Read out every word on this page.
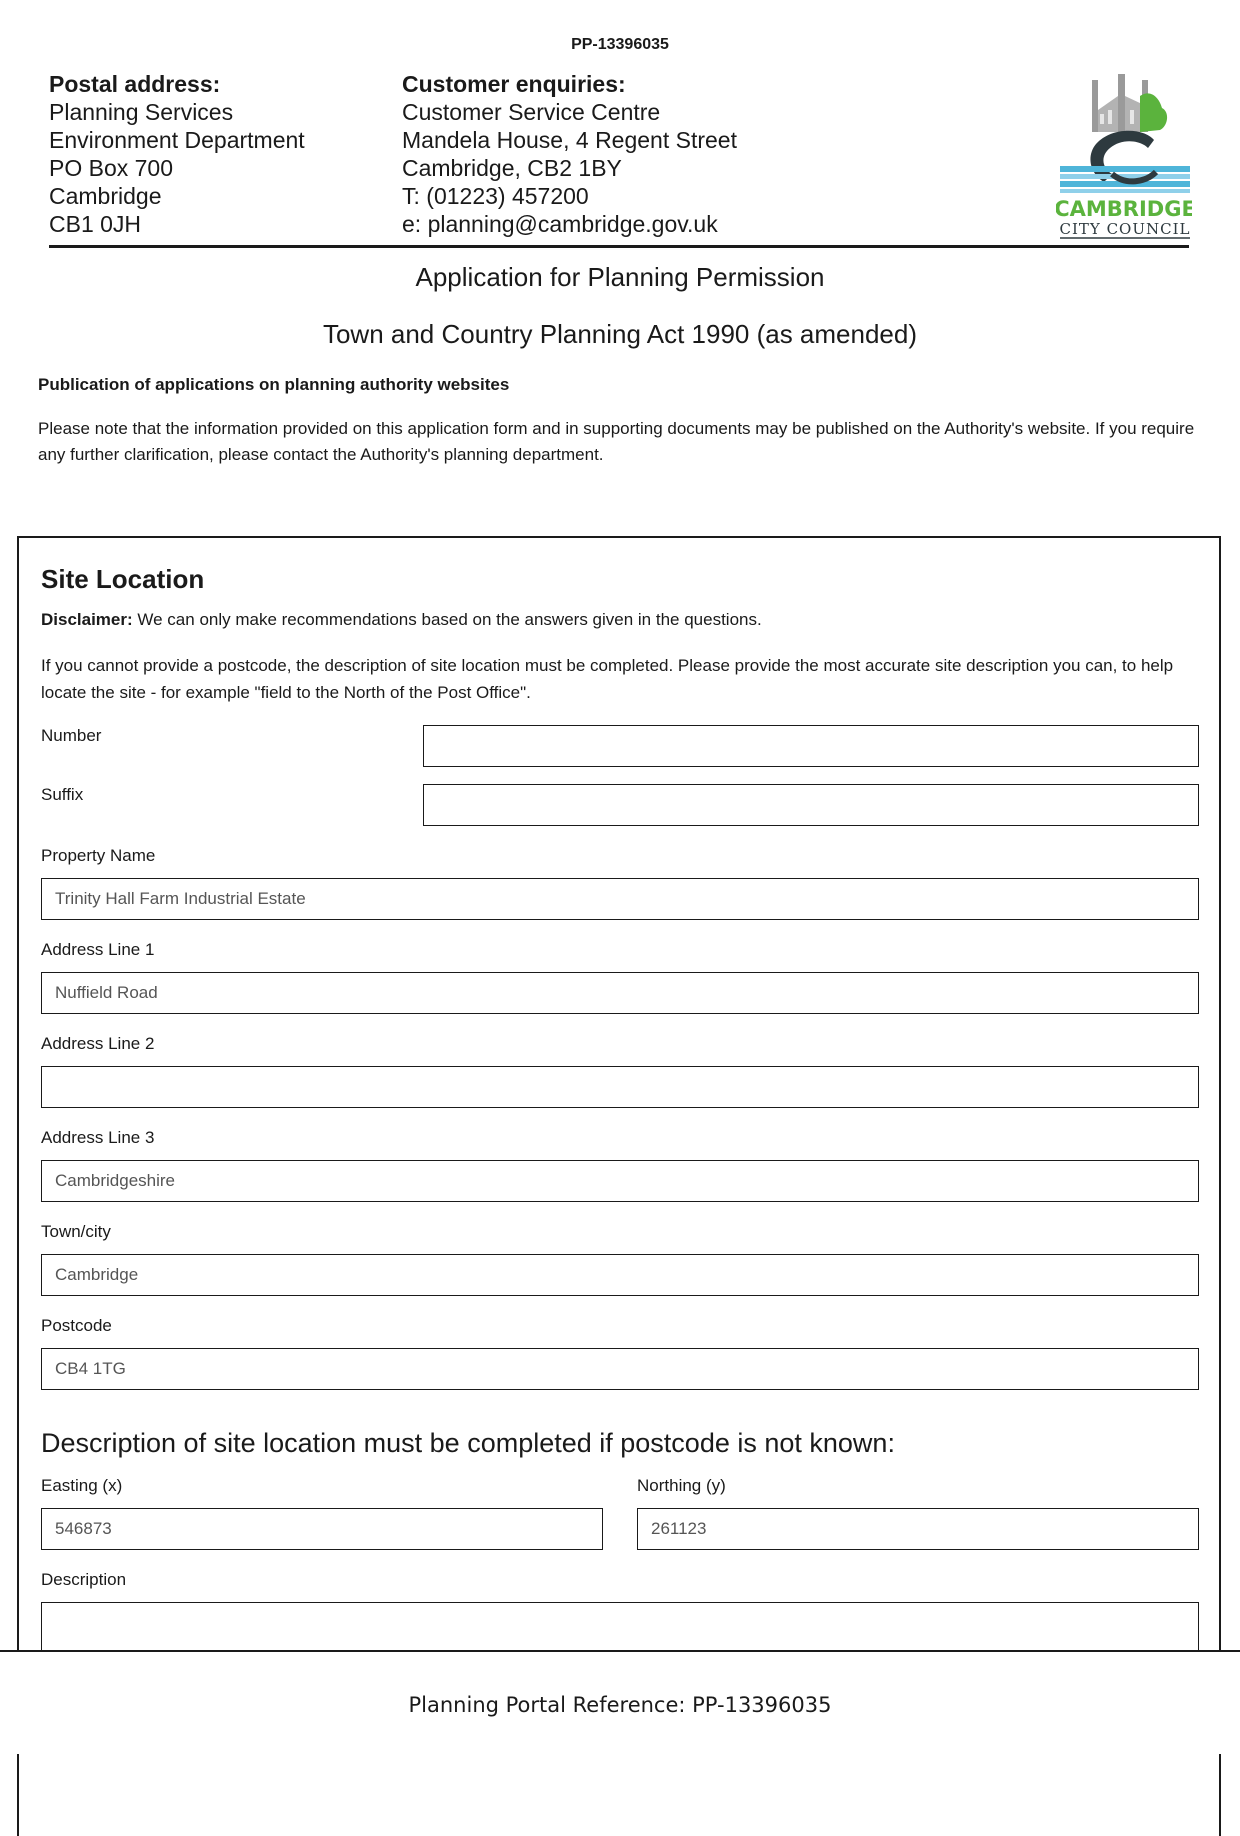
PP-13396035
Postal address:
Planning Services
Environment Department
PO Box 700
Cambridge
CB1 0JH
Customer enquiries:
Customer Service Centre
Mandela House, 4 Regent Street
Cambridge, CB2 1BY
T: (01223) 457200
e: planning@cambridge.gov.uk
CAMBRIDGE
CITY COUNCIL
Application for Planning Permission
Town and Country Planning Act 1990 (as amended)
Publication of applications on planning authority websites
Please note that the information provided on this application form and in supporting documents may be published on the Authority's website. If you require any further clarification, please contact the Authority's planning department.
Site Location
Disclaimer: We can only make recommendations based on the answers given in the questions.
If you cannot provide a postcode, the description of site location must be completed. Please provide the most accurate site description you can, to help locate the site - for example "field to the North of the Post Office".
Number
Suffix
Property Name
Trinity Hall Farm Industrial Estate
Address Line 1
Nuffield Road
Address Line 2
Address Line 3
Cambridgeshire
Town/city
Cambridge
Postcode
CB4 1TG
Description of site location must be completed if postcode is not known:
Easting (x)
546873
Northing (y)
261123
Description
Planning Portal Reference: PP-13396035
